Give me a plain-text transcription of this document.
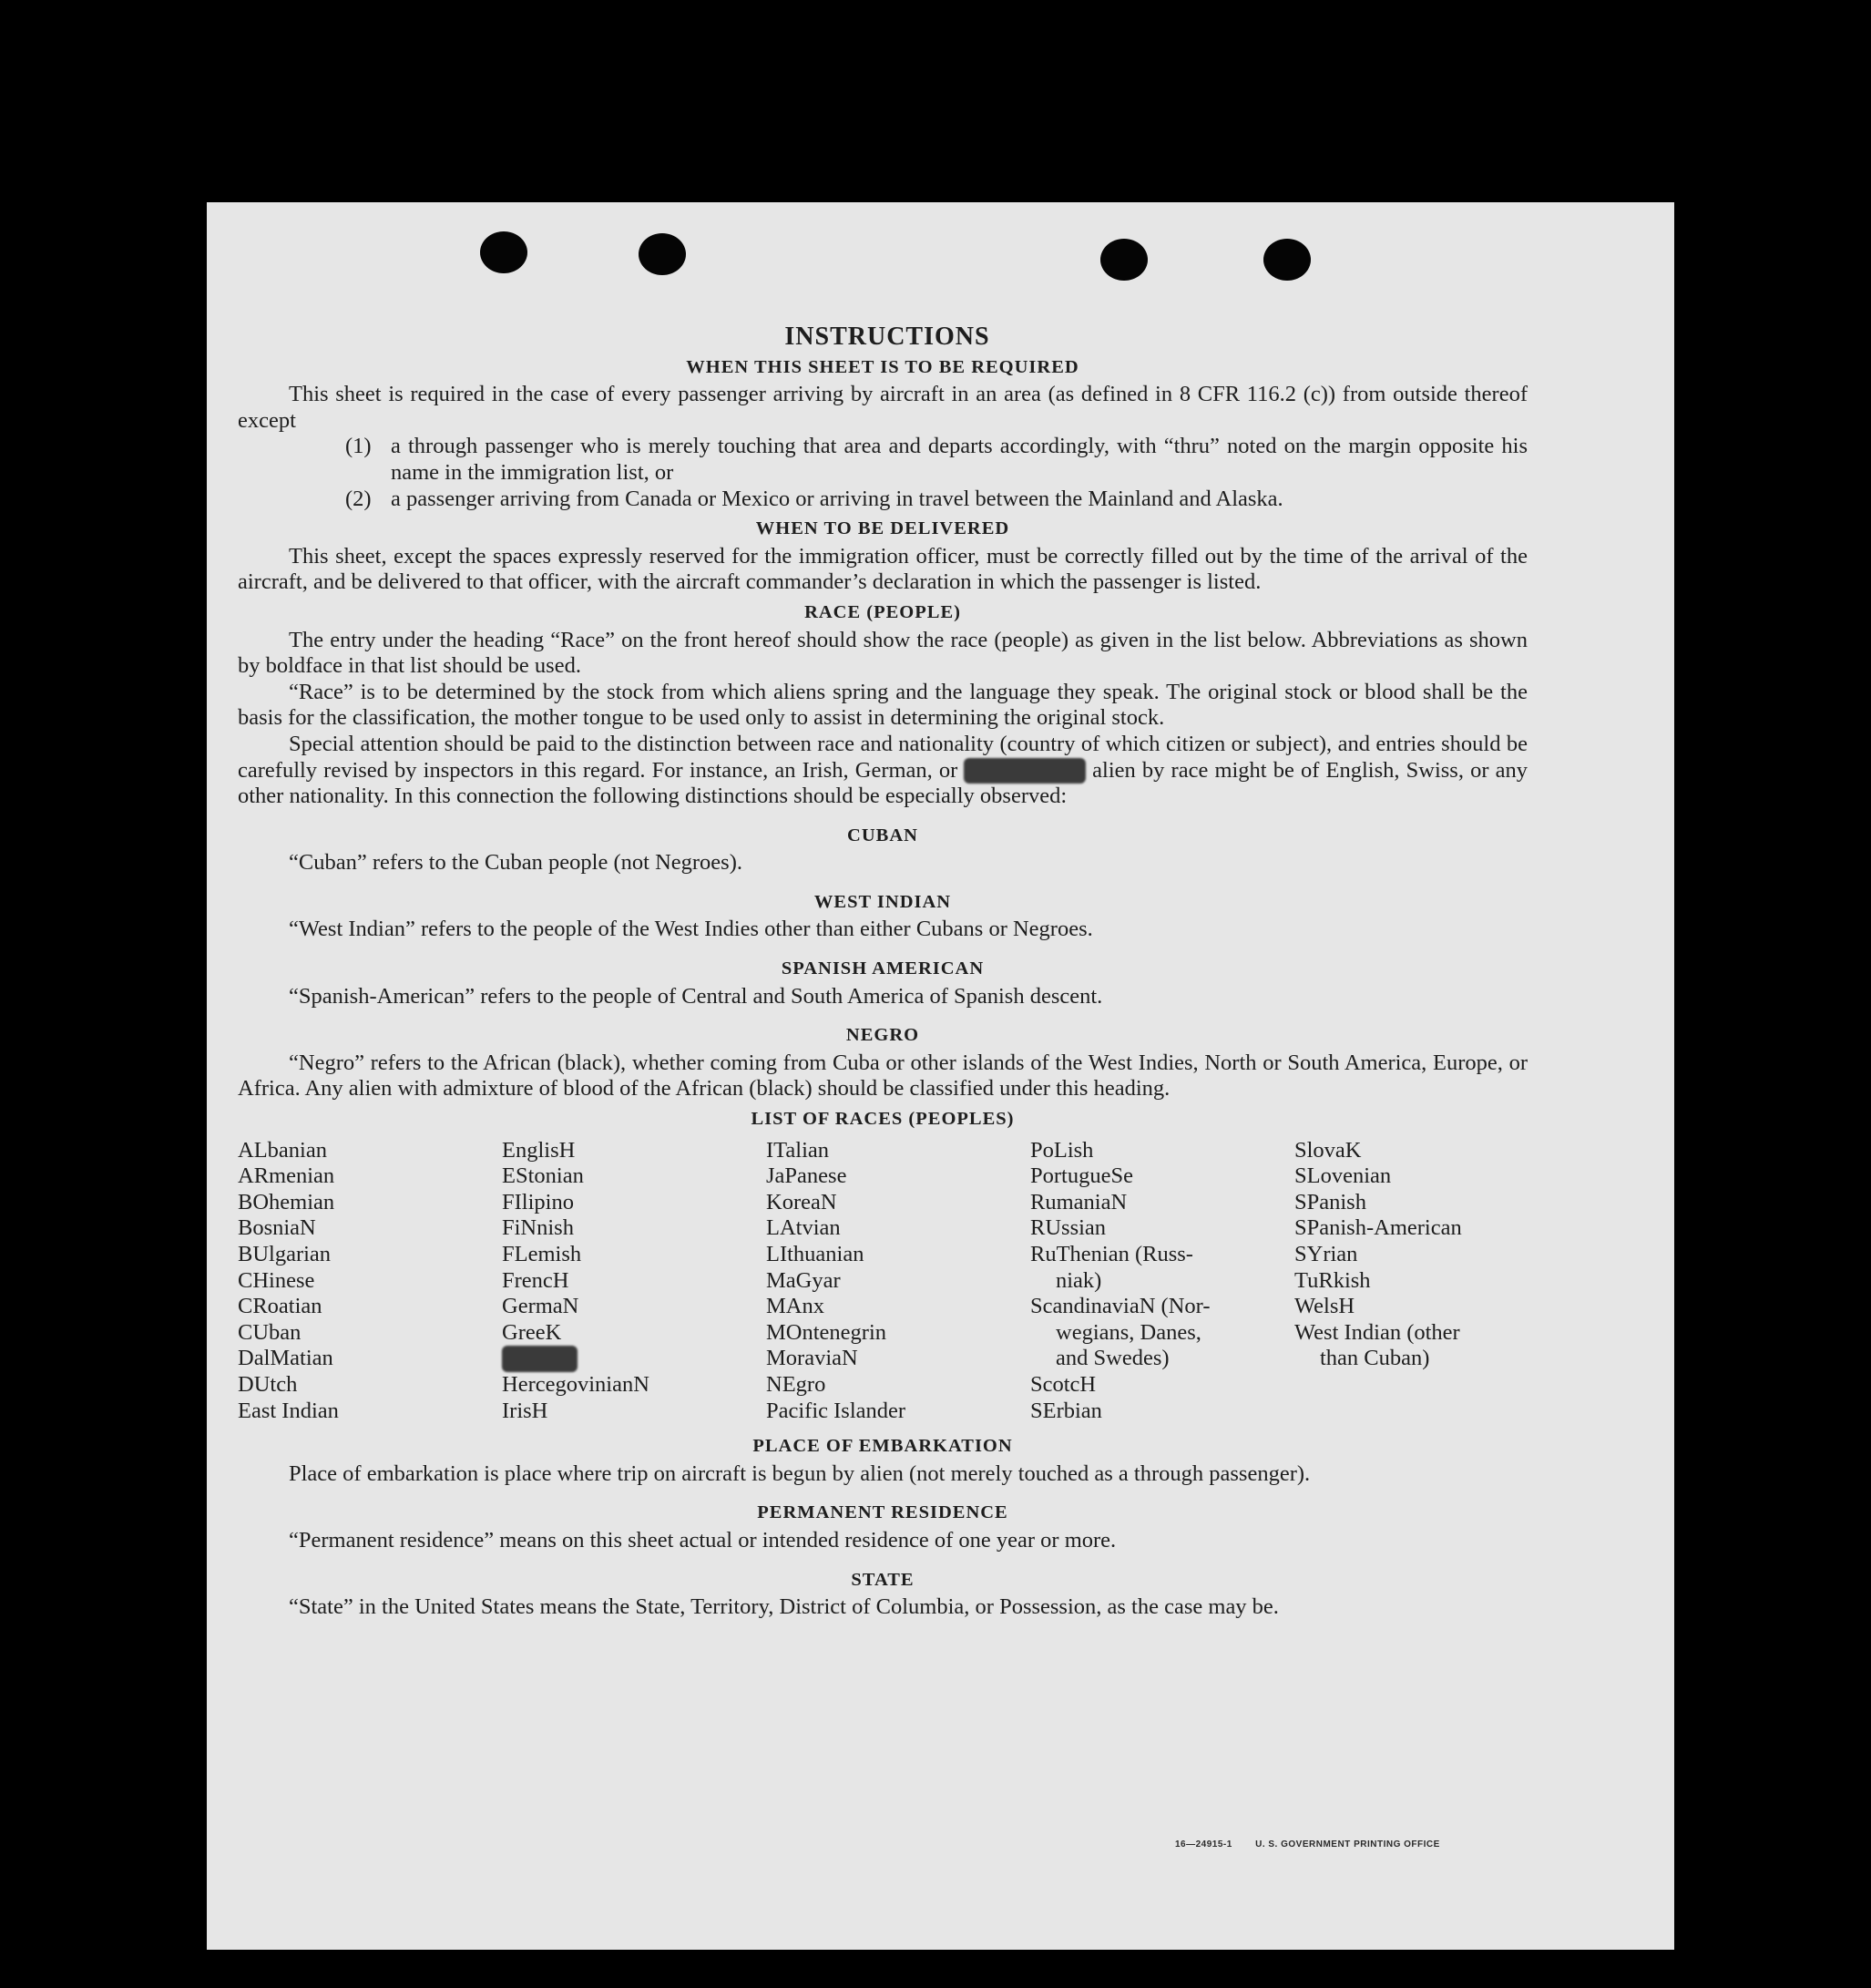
INSTRUCTIONS
WHEN THIS SHEET IS TO BE REQUIRED

This sheet is required in the case of every passenger arriving by aircraft in an area (as defined in 8 CFR 116.2 (c)) from outside thereof except

(1) a through passenger who is merely touching that area and departs accordingly, with “thru” noted on the margin opposite his name in the immigration list, or
(2) a passenger arriving from Canada or Mexico or arriving in travel between the Mainland and Alaska.
WHEN TO BE DELIVERED

This sheet, except the spaces expressly reserved for the immigration officer, must be correctly filled out by the time of the arrival of the aircraft, and be delivered to that officer, with the aircraft commander’s declaration in which the passenger is listed.

RACE (PEOPLE)

The entry under the heading “Race” on the front hereof should show the race (people) as given in the list below. Abbreviations as shown by boldface in that list should be used.

“Race” is to be determined by the stock from which aliens spring and the language they speak. The original stock or blood shall be the basis for the classification, the mother tongue to be used only to assist in determining the original stock.

Special attention should be paid to the distinction between race and nationality (country of which citizen or subject), and entries should be carefully revised by inspectors in this regard. For instance, an Irish, German, or	Hebrew alien by race might be of English, Swiss, or any other nationality. In this connection the following distinctions should be especially observed:

CUBAN

“Cuban” refers to the Cuban people (not Negroes).

WEST INDIAN

“West Indian” refers to the people of the West Indies other than either Cubans or Negroes.

SPANISH AMERICAN

“Spanish-American” refers to the people of Central and South America of Spanish descent.

NEGRO

“Negro” refers to the African (black), whether coming from Cuba or other islands of the West Indies, North or South America, Europe, or Africa. Any alien with admixture of blood of the African (black) should be classified under this heading.

LIST OF RACES (PEOPLES)
ALbanian
ARmenian
BOhemian
BosniaN
BUlgarian
CHinese
CRoatian
CUban
DalMatian
DUtch
East Indian
EnglisH
EStonian
FIlipino
FiNnish
FLemish
FrencH
GermaN
GreeK
HebreW
HercegovinianN
IrisH
ITalian
JaPanese
KoreaN
LAtvian
LIthuanian
MaGyar
MAnx
MOntenegrin
MoraviaN
NEgro
Pacific Islander
PoLish
PortugueSe
RumaniaN
RUssian
RuThenian (Russ-
niak)
ScandinaviaN (Nor-
wegians, Danes,
and Swedes)
ScotcH
SErbian
SlovaK
SLovenian
SPanish
SPanish-American
SYrian
TuRkish
WelsH
West Indian (other
than Cuban)
PLACE OF EMBARKATION

Place of embarkation is place where trip on aircraft is begun by alien (not merely touched as a through passenger).

PERMANENT RESIDENCE

“Permanent residence” means on this sheet actual or intended residence of one year or more.

STATE

“State” in the United States means the State, Territory, District of Columbia, or Possession, as the case may be.

16—24915-1	U. S. GOVERNMENT PRINTING OFFICE
